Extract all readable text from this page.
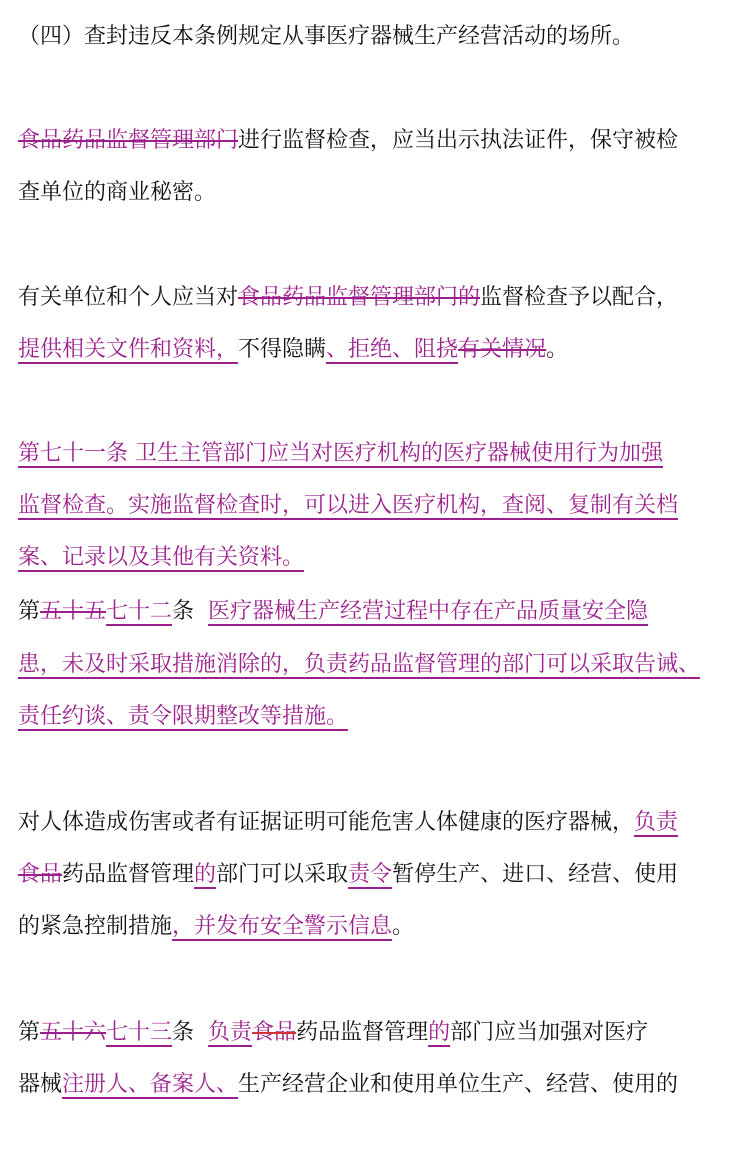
（四）查封违反本条例规定从事医疗器械生产经营活动的场所。
食品药品监督管理部门进行监督检查，应当出示执法证件，保守被检
查单位的商业秘密。
有关单位和个人应当对食品药品监督管理部门的监督检查予以配合，
提供相关文件和资料，不得隐瞒、拒绝、阻挠有关情况。
第七十一条 卫生主管部门应当对医疗机构的医疗器械使用行为加强
监督检查。实施监督检查时，可以进入医疗机构，查阅、复制有关档
案、记录以及其他有关资料。
第五十五七十二条  医疗器械生产经营过程中存在产品质量安全隐
患，未及时采取措施消除的，负责药品监督管理的部门可以采取告诫、
责任约谈、责令限期整改等措施。
对人体造成伤害或者有证据证明可能危害人体健康的医疗器械，负责
食品药品监督管理的部门可以采取责令暂停生产、进口、经营、使用
的紧急控制措施，并发布安全警示信息。
第五十六七十三条  负责食品药品监督管理的部门应当加强对医疗
器械注册人、备案人、生产经营企业和使用单位生产、经营、使用的
